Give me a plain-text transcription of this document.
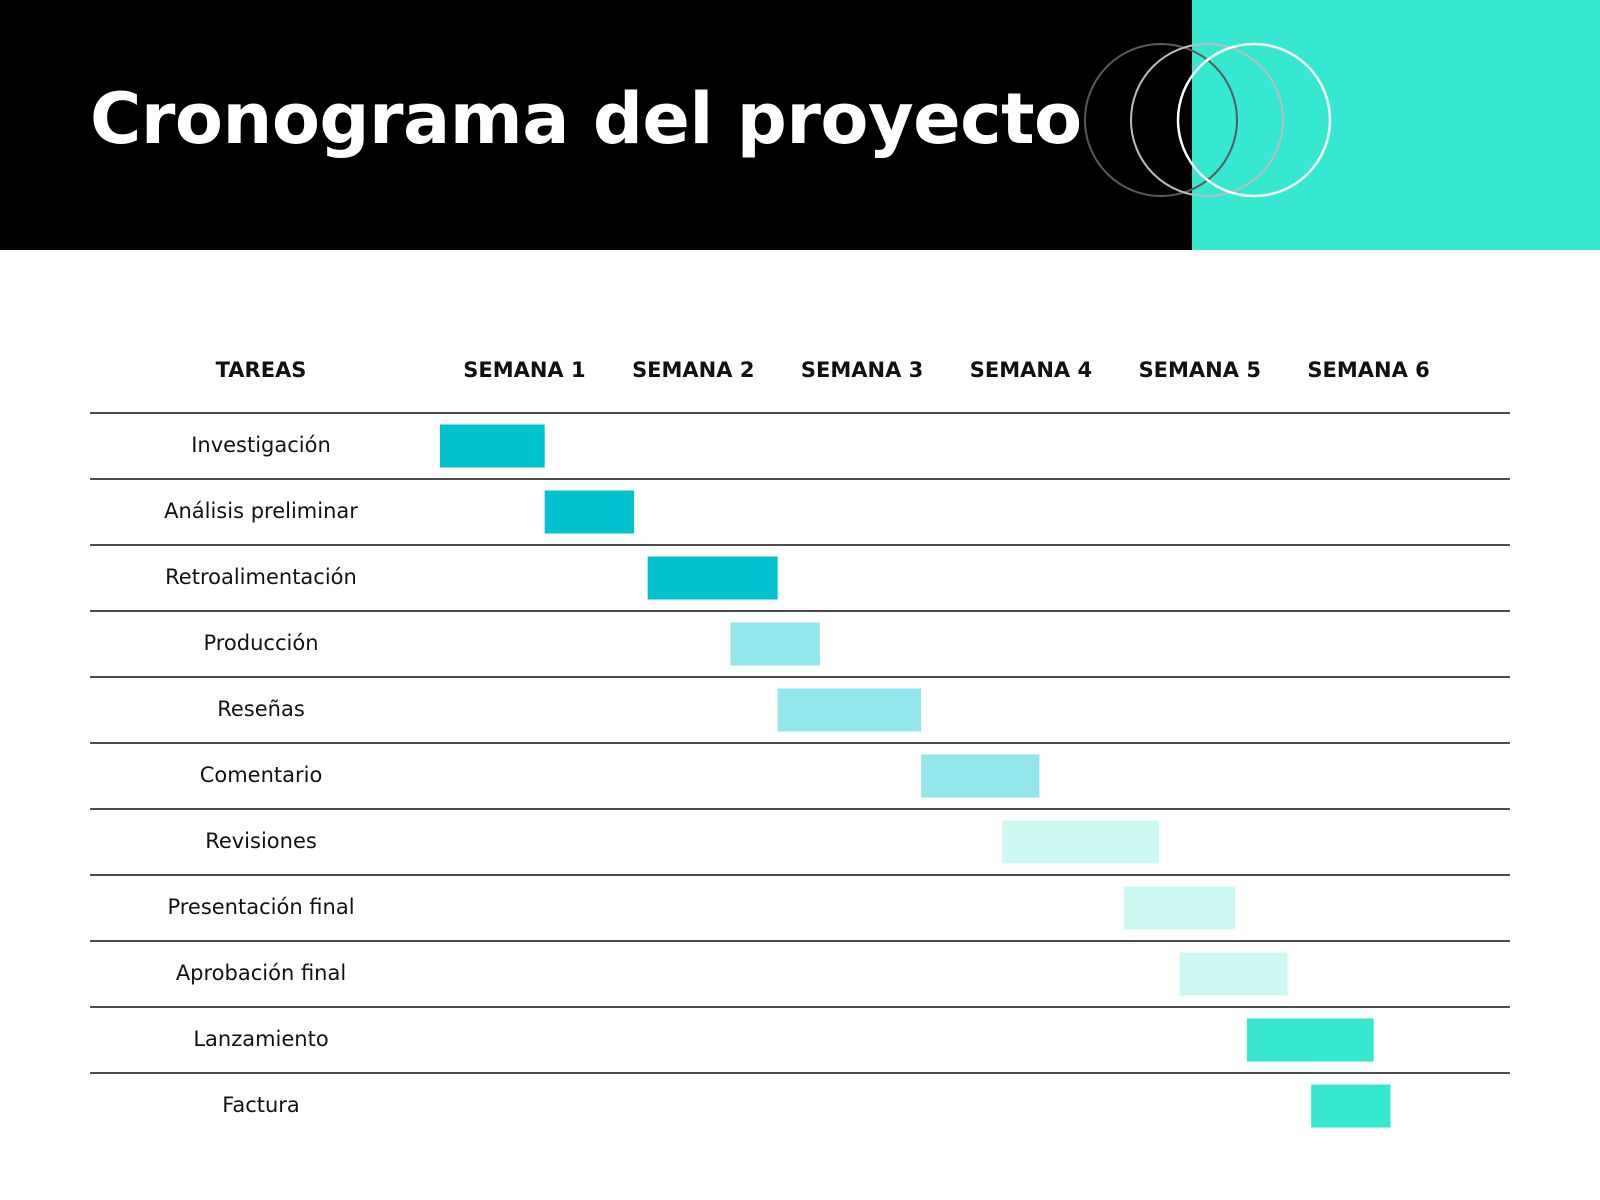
Cronograma del proyecto
TAREAS	SEMANA 1 SEMANA 2 SEMANA 3 SEMANA 4 SEMANA 5 SEMANA 6
Investigación
Análisis preliminar
Retroalimentación
Producción
Reseñas
Comentario
Revisiones
Presentación final
Aprobación final
Lanzamiento
Factura
